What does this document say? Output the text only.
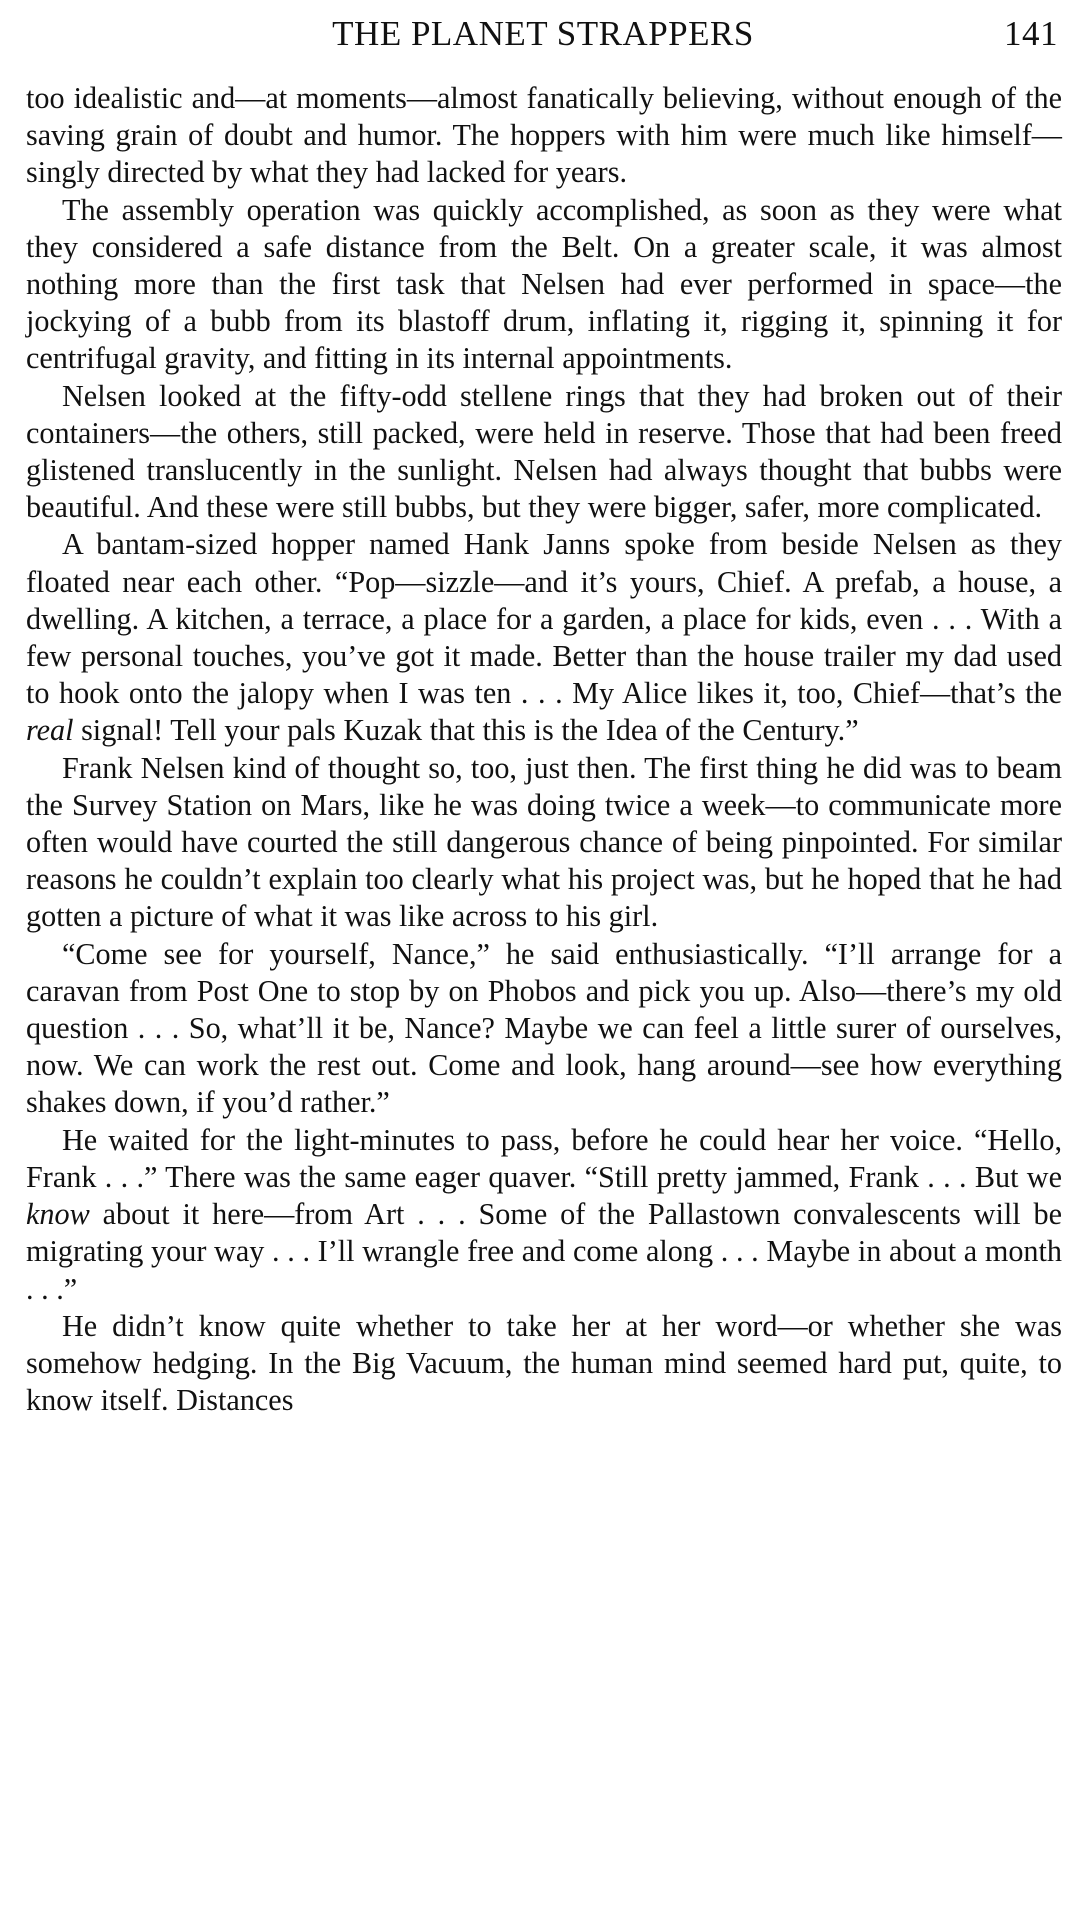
THE PLANET STRAPPERS	141

too idealistic and—at moments—almost fanatically believing, without enough of the saving grain of doubt and humor. The hoppers with him were much like himself—singly directed by what they had lacked for years.

The assembly operation was quickly accomplished, as soon as they were what they considered a safe distance from the Belt. On a greater scale, it was almost nothing more than the first task that Nelsen had ever performed in space—the jockying of a bubb from its blastoff drum, inflating it, rigging it, spinning it for centrifugal gravity, and fitting in its internal appointments.

Nelsen looked at the fifty-odd stellene rings that they had broken out of their containers—the others, still packed, were held in reserve. Those that had been freed glistened translucently in the sunlight. Nelsen had always thought that bubbs were beautiful. And these were still bubbs, but they were bigger, safer, more complicated.

A bantam-sized hopper named Hank Janns spoke from beside Nelsen as they floated near each other. “Pop—sizzle—and it’s yours, Chief. A prefab, a house, a dwelling. A kitchen, a terrace, a place for a garden, a place for kids, even . . . With a few personal touches, you’ve got it made. Better than the house trailer my dad used to hook onto the jalopy when I was ten . . . My Alice likes it, too, Chief—that’s the real signal! Tell your pals Kuzak that this is the Idea of the Century.”

Frank Nelsen kind of thought so, too, just then. The first thing he did was to beam the Survey Station on Mars, like he was doing twice a week—to communicate more often would have courted the still dangerous chance of being pinpointed. For similar reasons he couldn’t explain too clearly what his project was, but he hoped that he had gotten a picture of what it was like across to his girl.

“Come see for yourself, Nance,” he said enthusiastically. “I’ll arrange for a caravan from Post One to stop by on Phobos and pick you up. Also—there’s my old question . . . So, what’ll it be, Nance? Maybe we can feel a little surer of ourselves, now. We can work the rest out. Come and look, hang around—see how everything shakes down, if you’d rather.”

He waited for the light-minutes to pass, before he could hear her voice. “Hello, Frank . . .” There was the same eager quaver. “Still pretty jammed, Frank . . . But we know about it here—from Art . . . Some of the Pallastown convalescents will be migrating your way . . . I’ll wrangle free and come along . . . Maybe in about a month . . .”

He didn’t know quite whether to take her at her word—or whether she was somehow hedging. In the Big Vacuum, the human mind seemed hard put, quite, to know itself. Distances
